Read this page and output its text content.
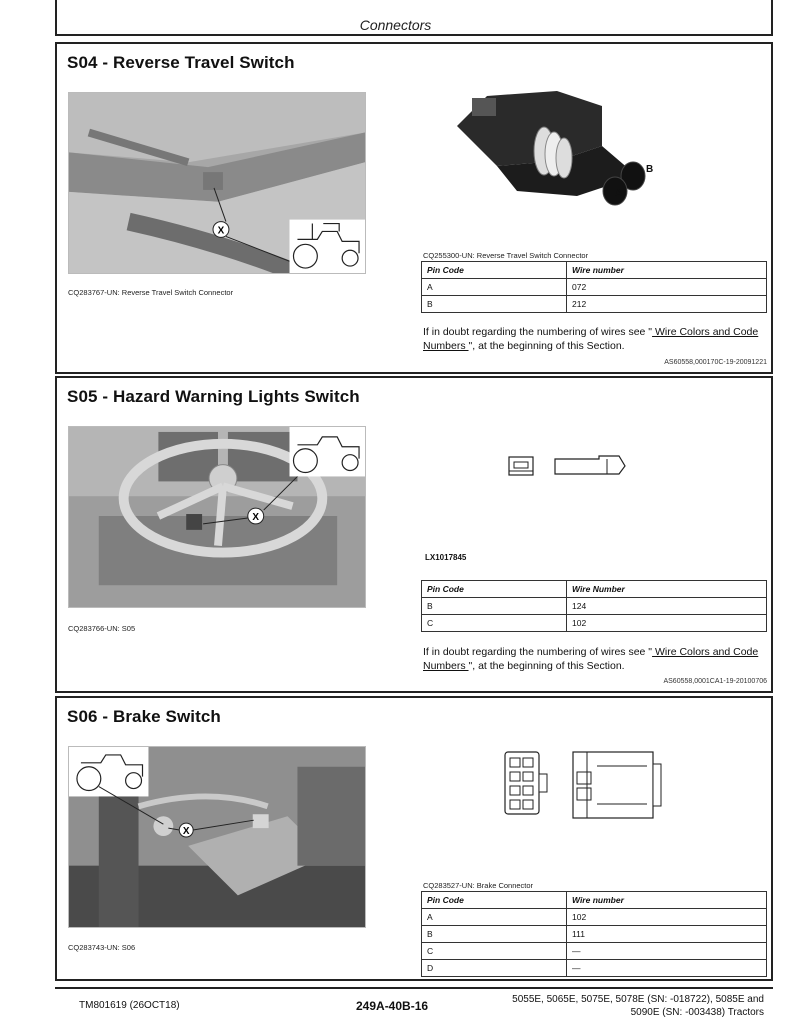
Connectors
S04 - Reverse Travel Switch
X
CQ283767-UN: Reverse Travel Switch Connector
A
B
CQ255300-UN: Reverse Travel Switch Connector
Pin Code	Wire number
A	072
B	212
If in doubt regarding the numbering of wires see " Wire Colors and Code Numbers ", at the beginning of this Section.
AS60558,000170C-19-20091221
S05 - Hazard Warning Lights Switch
X
CQ283766-UN: S05
LX1017845
Pin Code	Wire Number
B	124
C	102
If in doubt regarding the numbering of wires see " Wire Colors and Code Numbers ", at the beginning of this Section.
AS60558,0001CA1-19-20100706
S06 - Brake Switch
X
CQ283743-UN: S06
CQ283527-UN: Brake Connector
Pin Code	Wire number
A	102
B	111
C	—
D	—
TM801619 (26OCT18)	249A-40B-16	5055E, 5065E, 5075E, 5078E (SN: -018722), 5085E and
5090E (SN: -003438) Tractors
